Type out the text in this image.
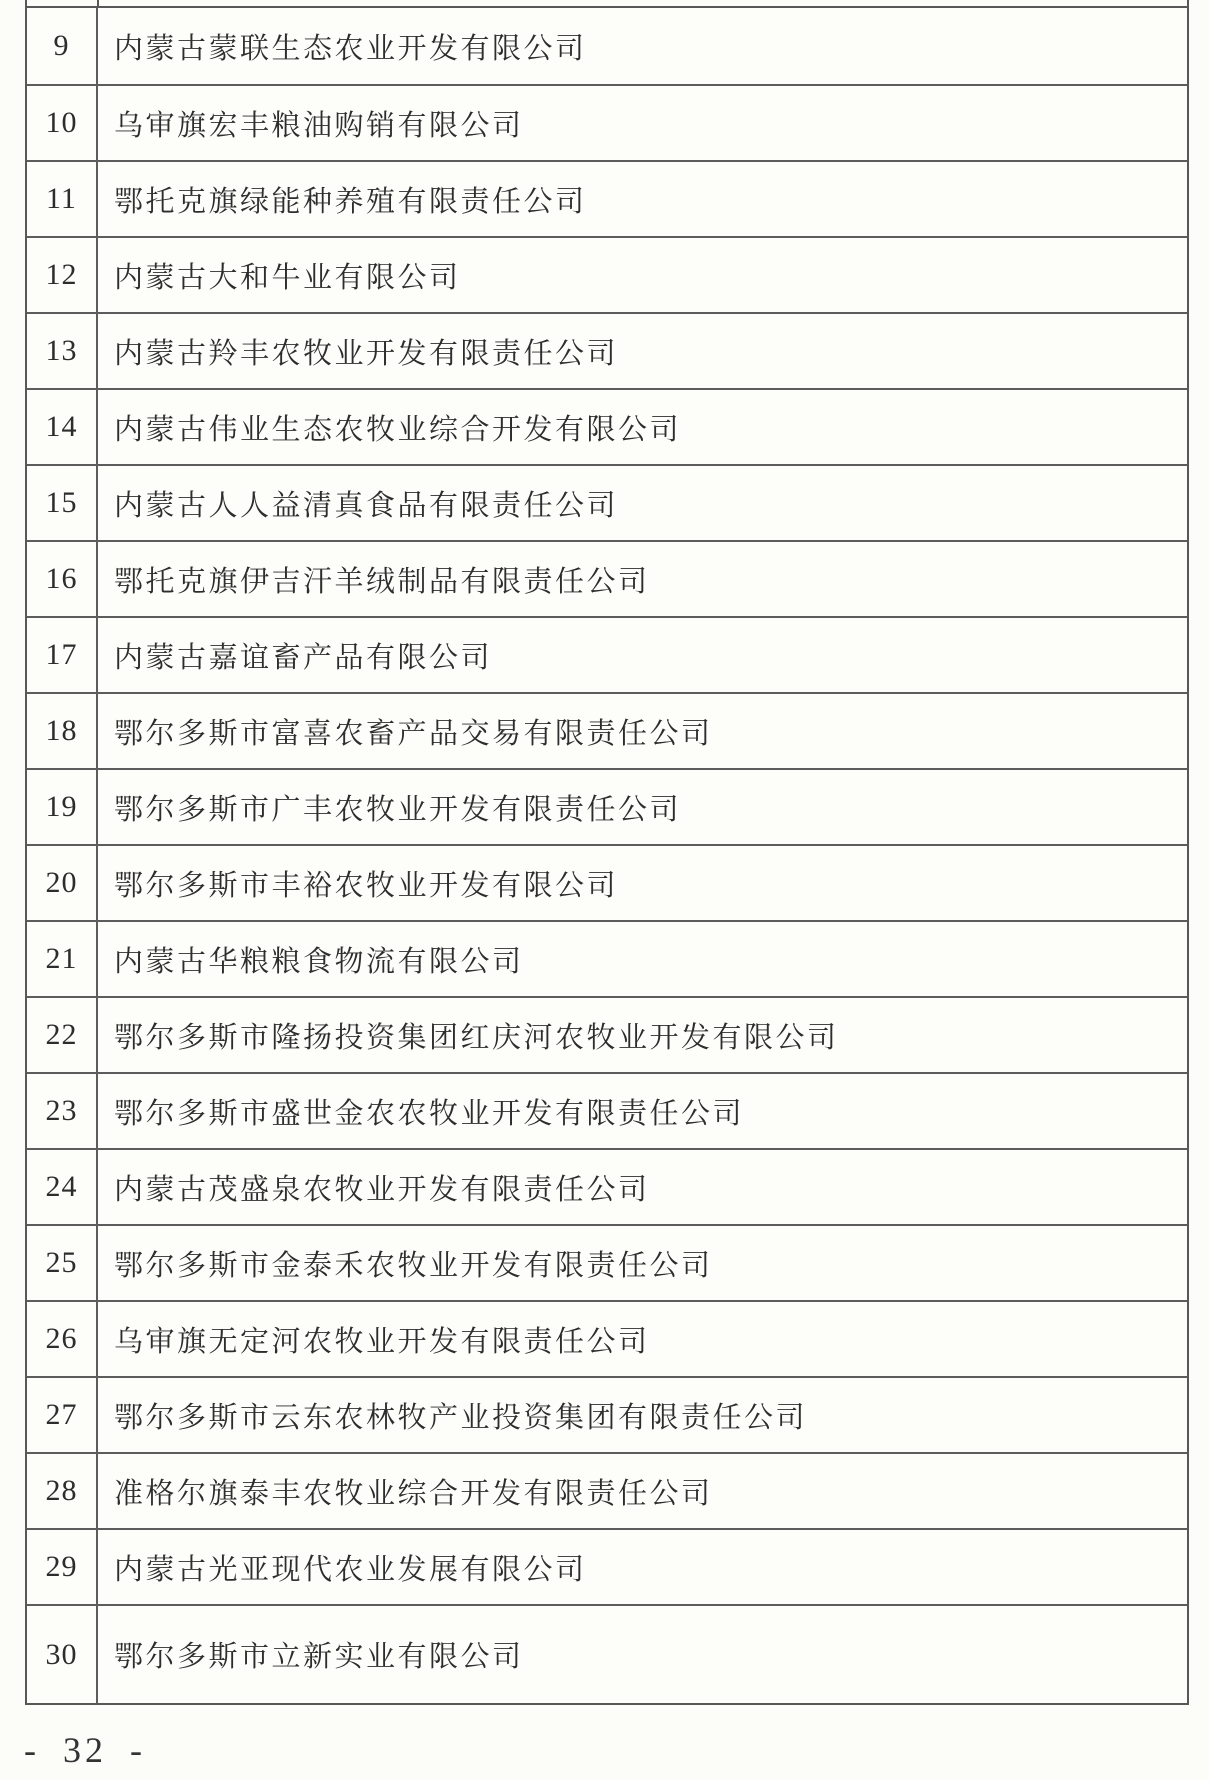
9	内蒙古蒙联生态农业开发有限公司
10	乌审旗宏丰粮油购销有限公司
11	鄂托克旗绿能种养殖有限责任公司
12	内蒙古大和牛业有限公司
13	内蒙古羚丰农牧业开发有限责任公司
14	内蒙古伟业生态农牧业综合开发有限公司
15	内蒙古人人益清真食品有限责任公司
16	鄂托克旗伊吉汗羊绒制品有限责任公司
17	内蒙古嘉谊畜产品有限公司
18	鄂尔多斯市富喜农畜产品交易有限责任公司
19	鄂尔多斯市广丰农牧业开发有限责任公司
20	鄂尔多斯市丰裕农牧业开发有限公司
21	内蒙古华粮粮食物流有限公司
22	鄂尔多斯市隆扬投资集团红庆河农牧业开发有限公司
23	鄂尔多斯市盛世金农农牧业开发有限责任公司
24	内蒙古茂盛泉农牧业开发有限责任公司
25	鄂尔多斯市金泰禾农牧业开发有限责任公司
26	乌审旗无定河农牧业开发有限责任公司
27	鄂尔多斯市云东农林牧产业投资集团有限责任公司
28	准格尔旗泰丰农牧业综合开发有限责任公司
29	内蒙古光亚现代农业发展有限公司
30	鄂尔多斯市立新实业有限公司
- 32 -
